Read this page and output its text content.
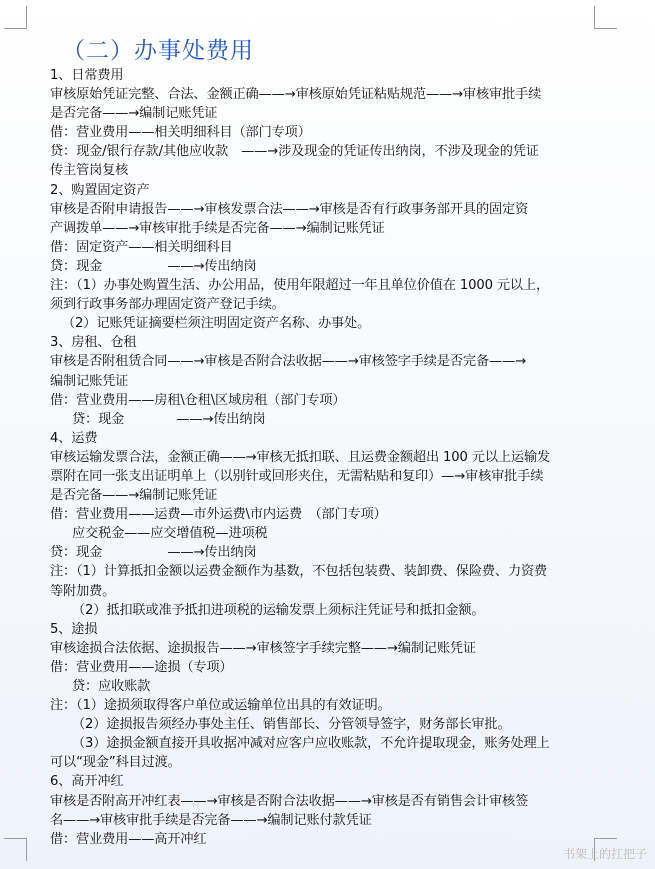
（二）办事处费用
1、日常费用
审核原始凭证完整、合法、金额正确——→审核原始凭证粘贴规范——→审核审批手续
是否完备——→编制记账凭证
借：营业费用——相关明细科目（部门专项）
贷：现金/银行存款/其他应收款　——→涉及现金的凭证传出纳岗，不涉及现金的凭证
传主管岗复核
2、购置固定资产
审核是否附申请报告——→审核发票合法——→审核是否有行政事务部开具的固定资
产调拨单——→审核审批手续是否完备——→编制记账凭证
借：固定资产——相关明细科目
贷：现金　　　　　——→传出纳岗
注：（1）办事处购置生活、办公用品，使用年限超过一年且单位价值在 1000 元以上，
须到行政事务部办理固定资产登记手续。
（2）记账凭证摘要栏须注明固定资产名称、办事处。
3、房租、仓租
审核是否附租赁合同——→审核是否附合法收据——→审核签字手续是否完备——→
编制记账凭证
借：营业费用——房租\仓租\区域房租（部门专项）
贷：现金　　　　——→传出纳岗
4、运费
审核运输发票合法，金额正确——→审核无抵扣联、且运费金额超出 100 元以上运输发
票附在同一张支出证明单上（以别针或回形夹住，无需粘贴和复印）—→审核审批手续
是否完备——→编制记账凭证
借：营业费用——运费—市外运费\市内运费　（部门专项）
应交税金——应交增值税—进项税
贷：现金　　　　　——→传出纳岗
注：（1）计算抵扣金额以运费金额作为基数，不包括包装费、装卸费、保险费、力资费
等附加费。
（2）抵扣联或准予抵扣进项税的运输发票上须标注凭证号和抵扣金额。
5、途损
审核途损合法依据、途损报告——→审核签字手续完整——→编制记账凭证
借：营业费用——途损（专项）
贷：应收账款
注：（1）途损须取得客户单位或运输单位出具的有效证明。
（2）途损报告须经办事处主任、销售部长、分管领导签字，财务部长审批。
（3）途损金额直接开具收据冲减对应客户应收账款，不允许提取现金，账务处理上
可以“现金”科目过渡。
6、高开冲红
审核是否附高开冲红表——→审核是否附合法收据——→审核是否有销售会计审核签
名——→审核审批手续是否完备——→编制记账付款凭证
借：营业费用——高开冲红
书架上的扛把子
